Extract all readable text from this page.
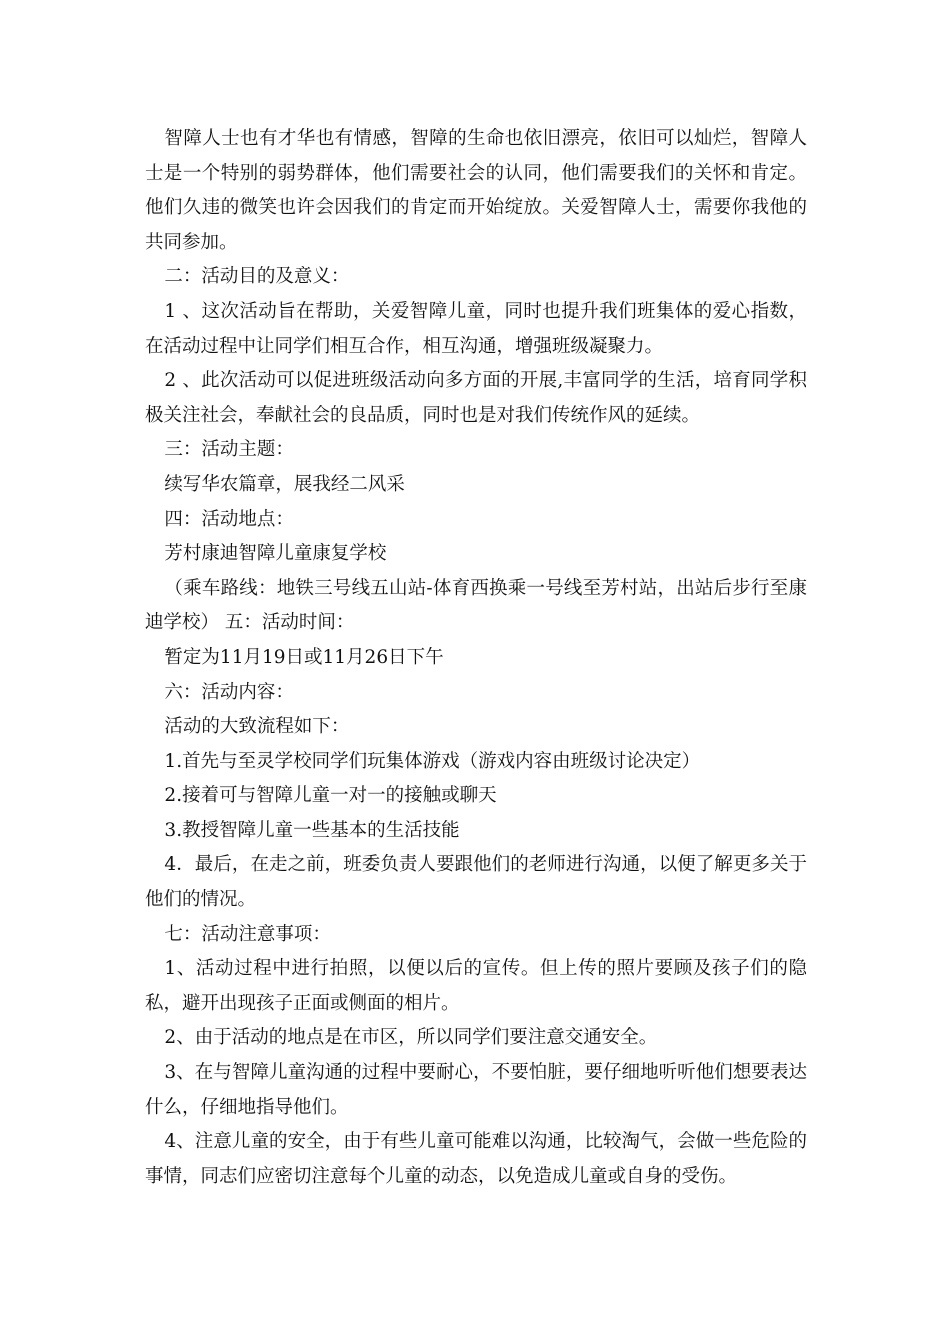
智障人士也有才华也有情感，智障的生命也依旧漂亮，依旧可以灿烂，智障人士是一个特别的弱势群体，他们需要社会的认同，他们需要我们的关怀和肯定。他们久违的微笑也许会因我们的肯定而开始绽放。关爱智障人士，需要你我他的共同参加。

二：活动目的及意义：

1 、这次活动旨在帮助，关爱智障儿童，同时也提升我们班集体的爱心指数，在活动过程中让同学们相互合作，相互沟通，增强班级凝聚力。

2 、此次活动可以促进班级活动向多方面的开展,丰富同学的生活，培育同学积极关注社会，奉献社会的良品质，同时也是对我们传统作风的延续。

三：活动主题：

续写华农篇章，展我经二风采

四：活动地点：

芳村康迪智障儿童康复学校

（乘车路线：地铁三号线五山站-体育西换乘一号线至芳村站，出站后步行至康迪学校） 五：活动时间：

暂定为11月19日或11月26日下午

六：活动内容：

活动的大致流程如下：

1.首先与至灵学校同学们玩集体游戏（游戏内容由班级讨论决定）

2.接着可与智障儿童一对一的接触或聊天

3.教授智障儿童一些基本的生活技能

4．最后，在走之前，班委负责人要跟他们的老师进行沟通，以便了解更多关于他们的情况。

七：活动注意事项：

1、活动过程中进行拍照，以便以后的宣传。但上传的照片要顾及孩子们的隐私，避开出现孩子正面或侧面的相片。

2、由于活动的地点是在市区，所以同学们要注意交通安全。

3、在与智障儿童沟通的过程中要耐心，不要怕脏，要仔细地听听他们想要表达什么，仔细地指导他们。

4、注意儿童的安全，由于有些儿童可能难以沟通，比较淘气，会做一些危险的事情，同志们应密切注意每个儿童的动态，以免造成儿童或自身的受伤。
